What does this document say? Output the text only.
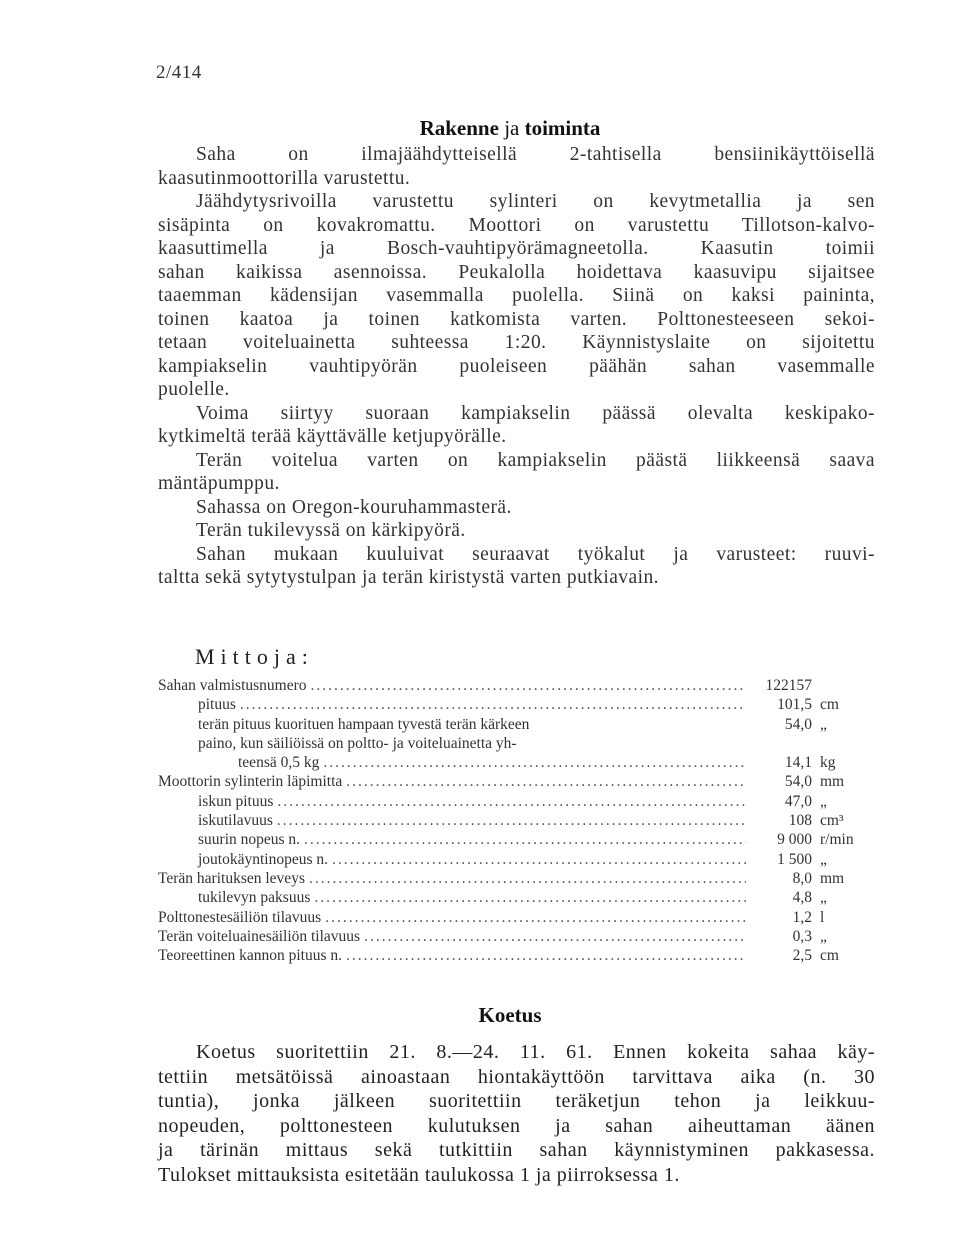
2/414
Rakenne ja toiminta
Saha on ilmajäähdytteisellä 2-tahtisella bensiinikäyttöisellä
kaasutinmoottorilla varustettu.
Jäähdytysrivoilla varustettu sylinteri on kevytmetallia ja sen
sisäpinta on kovakromattu. Moottori on varustettu Tillotson-kalvo-
kaasuttimella ja Bosch-vauhtipyörämagneetolla. Kaasutin toimii
sahan kaikissa asennoissa. Peukalolla hoidettava kaasuvipu sijaitsee
taaemman kädensijan vasemmalla puolella. Siinä on kaksi paininta,
toinen kaatoa ja toinen katkomista varten. Polttonesteeseen sekoi-
tetaan voiteluainetta suhteessa 1:20. Käynnistyslaite on sijoitettu
kampiakselin vauhtipyörän puoleiseen päähän sahan vasemmalle
puolelle.
Voima siirtyy suoraan kampiakselin päässä olevalta keskipako-
kytkimeltä terää käyttävälle ketjupyörälle.
Terän voitelua varten on kampiakselin päästä liikkeensä saava
mäntäpumppu.
Sahassa on Oregon-kouruhammasterä.
Terän tukilevyssä on kärkipyörä.
Sahan mukaan kuuluivat seuraavat työkalut ja varusteet: ruuvi-
taltta sekä sytytystulpan ja terän kiristystä varten putkiavain.
Mittoja:
Sahan valmistusnumero .....	122157
pituus .....	101,5 cm
terän pituus kuorituen hampaan tyvestä terän kärkeen	54,0 „
paino, kun säiliöissä on poltto- ja voiteluainetta yh-
teensä 0,5 kg .....	14,1 kg
Moottorin sylinterin läpimitta .....	54,0 mm
iskun pituus .....	47,0 „
iskutilavuus .....	108 cm³
suurin nopeus n. .....	9 000 r/min
joutokäyntinopeus n. .....	1 500 „
Terän harituksen leveys .....	8,0 mm
tukilevyn paksuus .....	4,8 „
Polttonestesäiliön tilavuus .....	1,2 l
Terän voiteluainesäiliön tilavuus .....	0,3 „
Teoreettinen kannon pituus n. .....	2,5 cm
Koetus
Koetus suoritettiin 21. 8.—24. 11. 61. Ennen kokeita sahaa käy-
tettiin metsätöissä ainoastaan hiontakäyttöön tarvittava aika (n. 30
tuntia), jonka jälkeen suoritettiin teräketjun tehon ja leikkuu-
nopeuden, polttonesteen kulutuksen ja sahan aiheuttaman äänen
ja tärinän mittaus sekä tutkittiin sahan käynnistyminen pakkasessa.
Tulokset mittauksista esitetään taulukossa 1 ja piirroksessa 1.
